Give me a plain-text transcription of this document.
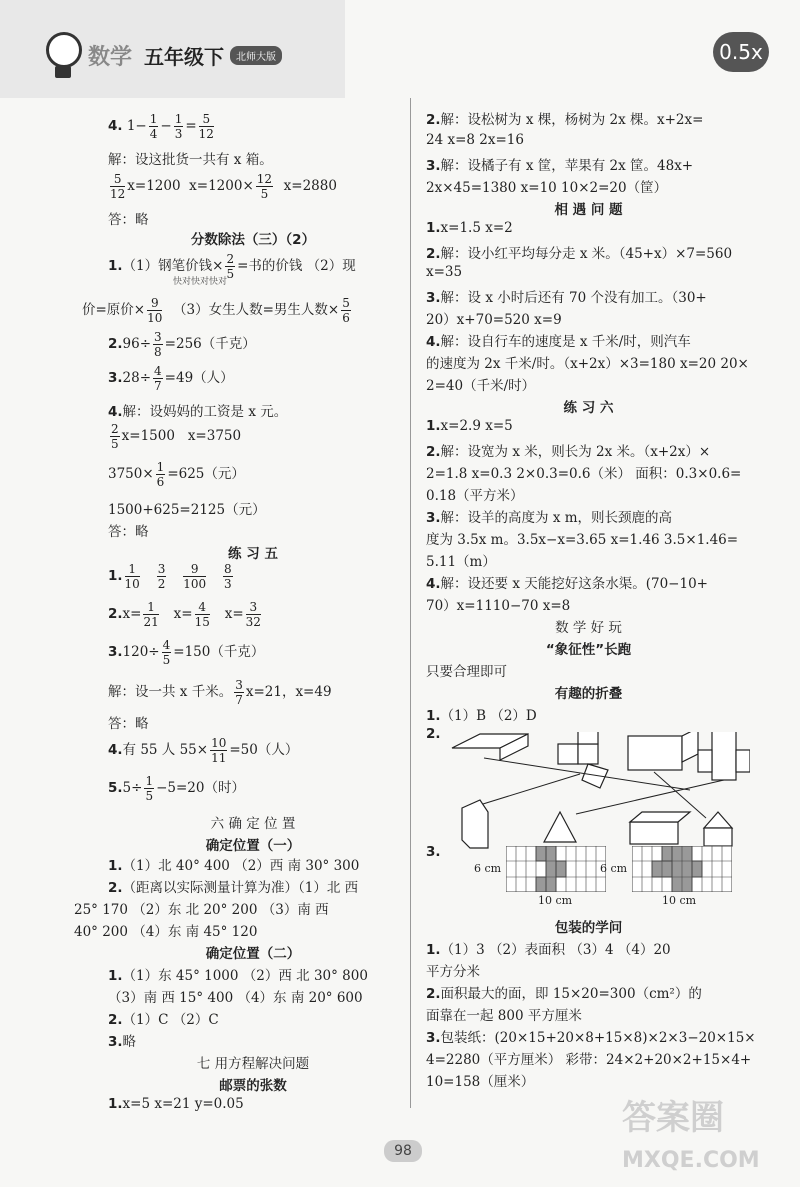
数学 五年级下	北师大版	0.5x
4. $1- \frac{1}{4} - \frac{1}{3} = \frac{5}{12}$
解：设这批货一共有 x 箱。
$\frac{5}{12} x=1200$ $x=1200\times \frac{12}{5} x=2880$
答：略
分数除法（三）（2）
1.（1）钢笔价钱× $\frac{2}{5}$ =书的价钱 （2）现
快对快对快对
价=原价× $\frac{9}{10} (3)$女生人数=男生人数× $\frac{5}{6}$
$2.96\div \frac{3}{8} =256$（千克）
$3.28\div \frac{4}{7} =49$（人）
4.解：设妈妈的工资是 x 元。
$\frac{2}{5} x=1500$ x=3750
$3750\times \frac{1}{6} =625$（元）
1500+625=2125（元）
答：略
练 习 五
1. $\frac{1}{10}$
$\frac{3}{2}$
$\frac{9}{100}$
$\frac{8}{3}$
$2.x= \frac{1}{21} x= \frac{4}{15} x= \frac{3}{32}$
$3.120\div \frac{4}{5} =150$（千克）
解：设一共 x 千米。 $\frac{3}{7} x=21$，x=49
答：略
4.有 55 人 $55\times \frac{10}{11} =50$（人）
$5.5\div \frac{1}{5} -5=20$（时）
六 确 定 位 置
确定位置（一）
1.（1）北 40° 400 （2）西 南 30° 300
2.（距离以实际测量计算为准）（1）北 西
25° 170 （2）东 北 20° 200 （3）南 西
40° 200 （4）东 南 45° 120
确定位置（二）
1.（1）东 45° 1000 （2）西 北 30° 800
（3）南 西 15° 400 （4）东 南 20° 600
2.（1）C （2）C
3.略
七 用方程解决问题
邮票的张数
1.x=5 x=21 y=0.05
2.解：设松树为 x 棵，杨树为 2x 棵。x+2x=
24 x=8 2x=16
3.解：设橘子有 x 筐，苹果有 2x 筐。48x+
2x×45=1380 x=10 10×2=20（筐）
相 遇 问 题
1.x=1.5 x=2
2.解：设小红平均每分走 x 米。（45+x）×7=560
x=35
3.解：设 x 小时后还有 70 个没有加工。（30+
20）x+70=520 x=9
4.解：设自行车的速度是 x 千米/时，则汽车
的速度为 2x 千米/时。（x+2x）×3=180 x=20 20×
2=40（千米/时）
练 习 六
1.x=2.9 x=5
2.解：设宽为 x 米，则长为 2x 米。（x+2x）×
2=1.8 x=0.3 2×0.3=0.6（米） 面积：0.3×0.6=
0.18（平方米）
3.解：设羊的高度为 x m，则长颈鹿的高
度为 3.5x m。3.5x−x=3.65 x=1.46 3.5×1.46=
5.11（m）
4.解：设还要 x 天能挖好这条水渠。(70−10+
70）x=1110−70 x=8
数 学 好 玩
“象征性”长跑
只要合理即可
有趣的折叠
1.（1）B （2）D
2.
3.
6 cm
10 cm
6 cm
10 cm
包装的学问
1.（1）3 （2）表面积 （3）4 （4）20
平方分米
2.面积最大的面，即 15×20=300（cm²）的
面靠在一起 800 平方厘米
3.包装纸：(20×15+20×8+15×8)×2×3−20×15×
4=2280（平方厘米） 彩带：24×2+20×2+15×4+
10=158（厘米）
98
答案圈
MXQE.COM
